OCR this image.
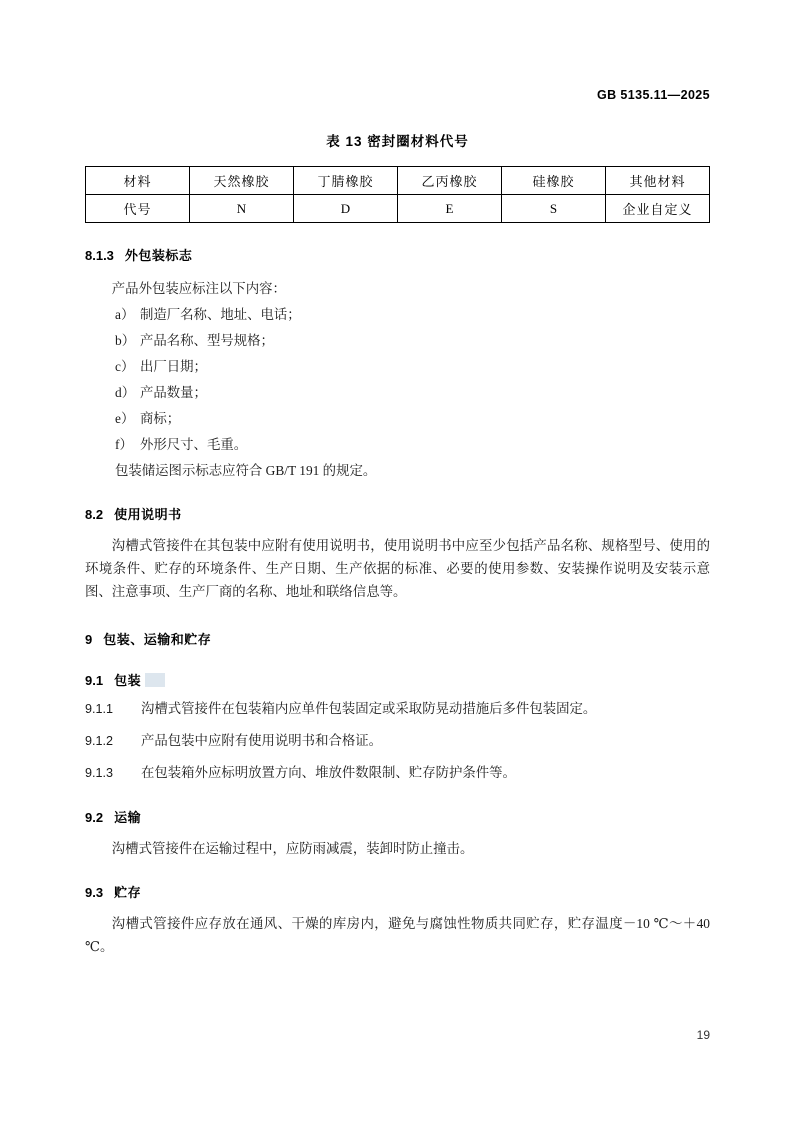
GB 5135.11—2025
表 13 密封圈材料代号
材料	天然橡胶	丁腈橡胶	乙丙橡胶	硅橡胶	其他材料
代号	N	D	E	S	企业自定义
8.1.3 外包装标志

产品外包装应标注以下内容：

a） 制造厂名称、地址、电话；

b） 产品名称、型号规格；

c） 出厂日期；

d） 产品数量；

e） 商标；

f） 外形尺寸、毛重。

包装储运图示标志应符合 GB/T 191 的规定。

8.2 使用说明书

沟槽式管接件在其包装中应附有使用说明书，使用说明书中应至少包括产品名称、规格型号、使用的环境条件、贮存的环境条件、生产日期、生产依据的标准、必要的使用参数、安装操作说明及安装示意图、注意事项、生产厂商的名称、地址和联络信息等。

9 包装、运输和贮存
9.1 包装

9.1.1 沟槽式管接件在包装箱内应单件包装固定或采取防晃动措施后多件包装固定。

9.1.2 产品包装中应附有使用说明书和合格证。

9.1.3 在包装箱外应标明放置方向、堆放件数限制、贮存防护条件等。

9.2 运输

沟槽式管接件在运输过程中，应防雨减震，装卸时防止撞击。

9.3 贮存

沟槽式管接件应存放在通风、干燥的库房内，避免与腐蚀性物质共同贮存，贮存温度－10 ℃～＋40 ℃。

19
